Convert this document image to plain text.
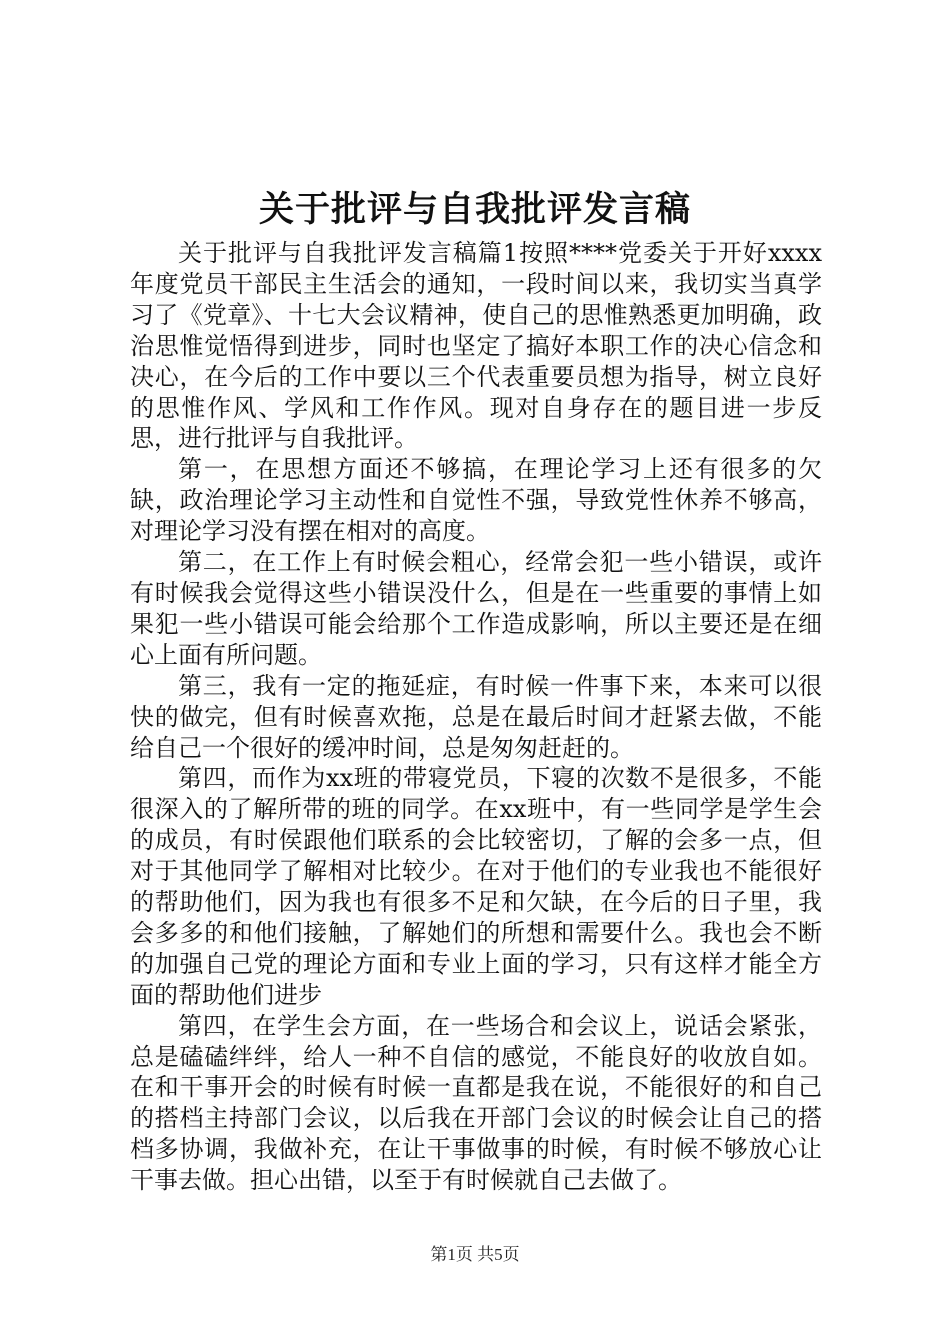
关于批评与自我批评发言稿

关于批评与自我批评发言稿篇1按照****党委关于开好xxxx年度党员干部民主生活会的通知，一段时间以来，我切实当真学习了《党章》、十七大会议精神，使自己的思惟熟悉更加明确，政治思惟觉悟得到进步，同时也坚定了搞好本职工作的决心信念和决心，在今后的工作中要以三个代表重要员想为指导，树立良好的思惟作风、学风和工作作风。现对自身存在的题目进一步反思，进行批评与自我批评。

第一，在思想方面还不够搞，在理论学习上还有很多的欠缺，政治理论学习主动性和自觉性不强，导致党性休养不够高，对理论学习没有摆在相对的高度。

第二，在工作上有时候会粗心，经常会犯一些小错误，或许有时候我会觉得这些小错误没什么，但是在一些重要的事情上如果犯一些小错误可能会给那个工作造成影响，所以主要还是在细心上面有所问题。

第三，我有一定的拖延症，有时候一件事下来，本来可以很快的做完，但有时候喜欢拖，总是在最后时间才赶紧去做，不能给自己一个很好的缓冲时间，总是匆匆赶赶的。

第四，而作为xx班的带寝党员，下寝的次数不是很多，不能很深入的了解所带的班的同学。在xx班中，有一些同学是学生会的成员，有时侯跟他们联系的会比较密切，了解的会多一点，但对于其他同学了解相对比较少。在对于他们的专业我也不能很好的帮助他们，因为我也有很多不足和欠缺，在今后的日子里，我会多多的和他们接触，了解她们的所想和需要什么。我也会不断的加强自己党的理论方面和专业上面的学习，只有这样才能全方面的帮助他们进步

第四，在学生会方面，在一些场合和会议上，说话会紧张，总是磕磕绊绊，给人一种不自信的感觉，不能良好的收放自如。在和干事开会的时候有时候一直都是我在说，不能很好的和自己的搭档主持部门会议，以后我在开部门会议的时候会让自己的搭档多协调，我做补充，在让干事做事的时候，有时候不够放心让干事去做。担心出错，以至于有时候就自己去做了。

第1页 共5页
